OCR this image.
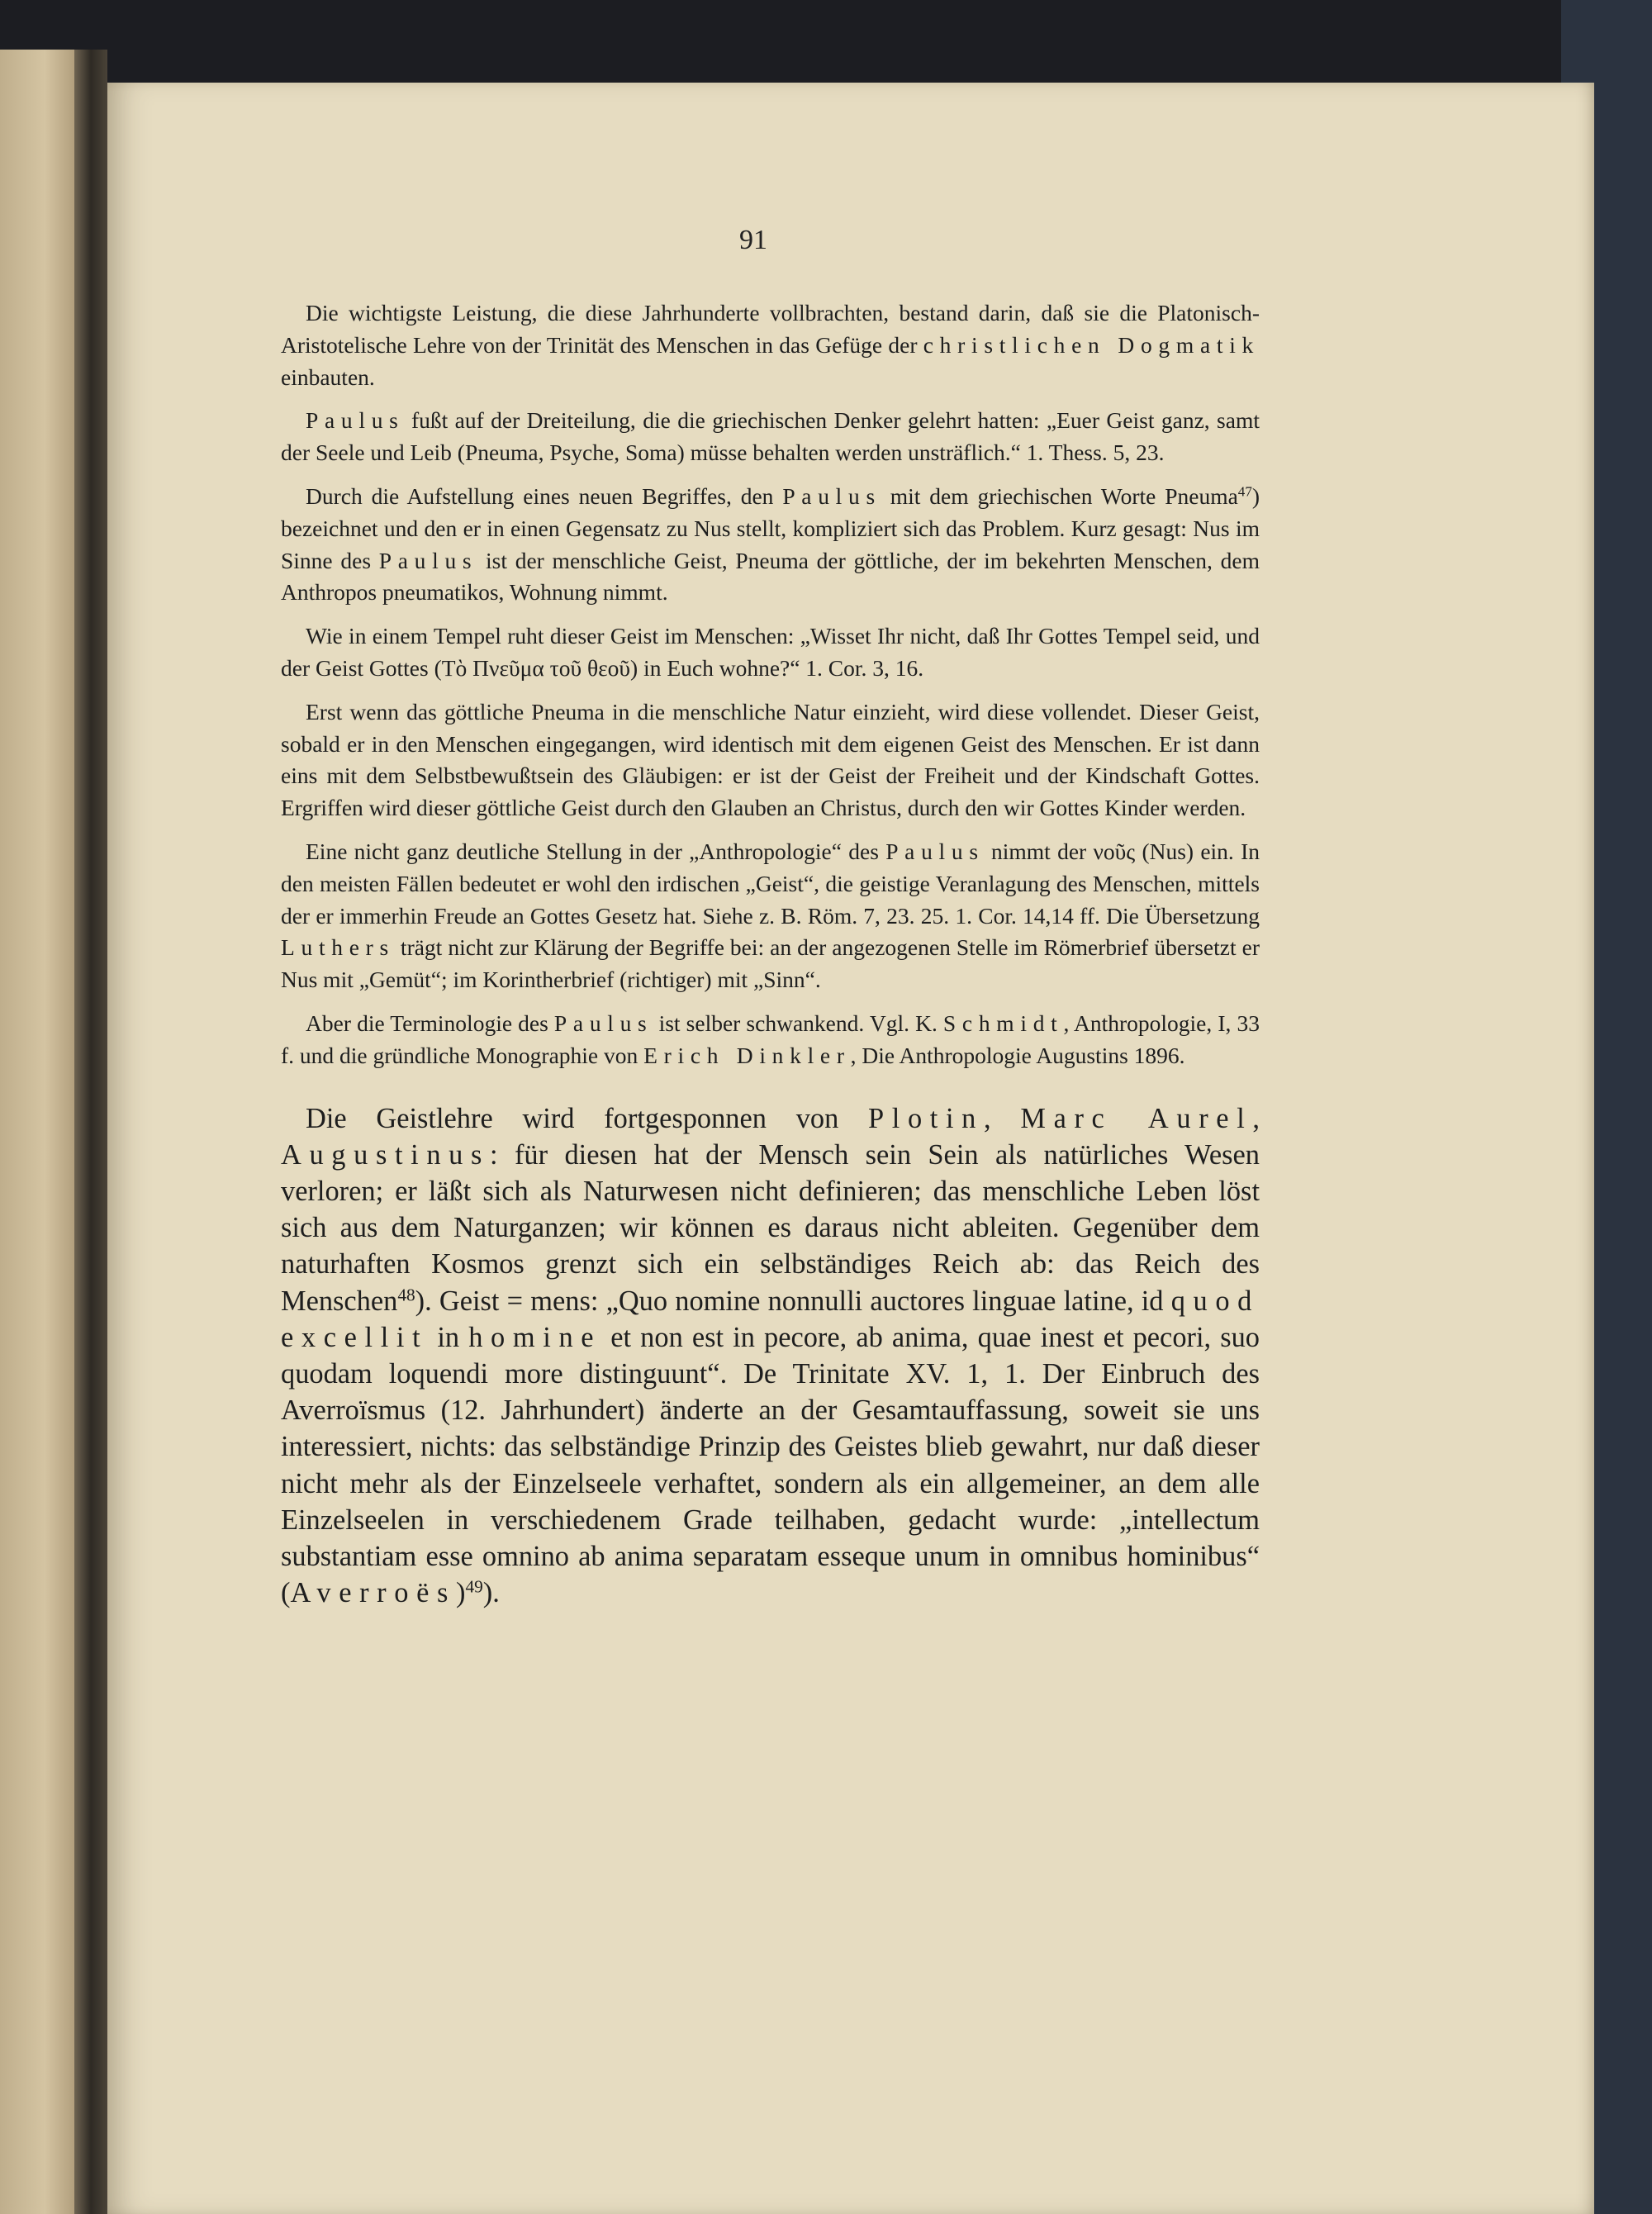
91

Die wichtigste Leistung, die diese Jahrhunderte vollbrachten, bestand darin, daß sie die Platonisch-Aristotelische Lehre von der Trinität des Menschen in das Gefüge der christlichen Dogmatik einbauten.

Paulus fußt auf der Dreiteilung, die die griechischen Denker gelehrt hatten: „Euer Geist ganz, samt der Seele und Leib (Pneuma, Psyche, Soma) müsse behalten werden unsträflich.“ 1. Thess. 5, 23.

Durch die Aufstellung eines neuen Begriffes, den Paulus mit dem griechischen Worte Pneuma$^{47}$) bezeichnet und den er in einen Gegensatz zu Nus stellt, kompliziert sich das Problem. Kurz gesagt: Nus im Sinne des Paulus ist der menschliche Geist, Pneuma der göttliche, der im bekehrten Menschen, dem Anthropos pneumatikos, Wohnung nimmt.

Wie in einem Tempel ruht dieser Geist im Menschen: „Wisset Ihr nicht, daß Ihr Gottes Tempel seid, und der Geist Gottes (Τὸ Πνεῦμα τοῦ θεοῦ) in Euch wohne?“ 1. Cor. 3, 16.

Erst wenn das göttliche Pneuma in die menschliche Natur einzieht, wird diese vollendet. Dieser Geist, sobald er in den Menschen eingegangen, wird identisch mit dem eigenen Geist des Menschen. Er ist dann eins mit dem Selbstbewußtsein des Gläubigen: er ist der Geist der Freiheit und der Kindschaft Gottes. Ergriffen wird dieser göttliche Geist durch den Glauben an Christus, durch den wir Gottes Kinder werden.

Eine nicht ganz deutliche Stellung in der „Anthropologie“ des Paulus nimmt der νοῦς (Nus) ein. In den meisten Fällen bedeutet er wohl den irdischen „Geist“, die geistige Veranlagung des Menschen, mittels der er immerhin Freude an Gottes Gesetz hat. Siehe z. B. Röm. 7, 23. 25. 1. Cor. 14,14 ff. Die Übersetzung Luthers trägt nicht zur Klärung der Begriffe bei: an der angezogenen Stelle im Römerbrief übersetzt er Nus mit „Gemüt“; im Korintherbrief (richtiger) mit „Sinn“.

Aber die Terminologie des Paulus ist selber schwankend. Vgl. K. Schmidt, Anthropologie, I, 33 f. und die gründliche Monographie von Erich Dinkler, Die Anthropologie Augustins 1896.

Die Geistlehre wird fortgesponnen von Plotin, Marc Aurel, Augustinus: für diesen hat der Mensch sein Sein als natürliches Wesen verloren; er läßt sich als Naturwesen nicht definieren; das menschliche Leben löst sich aus dem Naturganzen; wir können es daraus nicht ableiten. Gegenüber dem naturhaften Kosmos grenzt sich ein selbständiges Reich ab: das Reich des Menschen$^{48}$). Geist = mens: „Quo nomine nonnulli auctores linguae latine, id quod excellit in homine et non est in pecore, ab anima, quae inest et pecori, suo quodam loquendi more distinguunt“. De Trinitate XV. 1, 1. Der Einbruch des Averroïsmus (12. Jahrhundert) änderte an der Gesamtauffassung, soweit sie uns interessiert, nichts: das selbständige Prinzip des Geistes blieb gewahrt, nur daß dieser nicht mehr als der Einzelseele verhaftet, sondern als ein allgemeiner, an dem alle Einzelseelen in verschiedenem Grade teilhaben, gedacht wurde: „intellectum substantiam esse omnino ab anima separatam esseque unum in omnibus hominibus“ (Averroës)$^{49}$).
